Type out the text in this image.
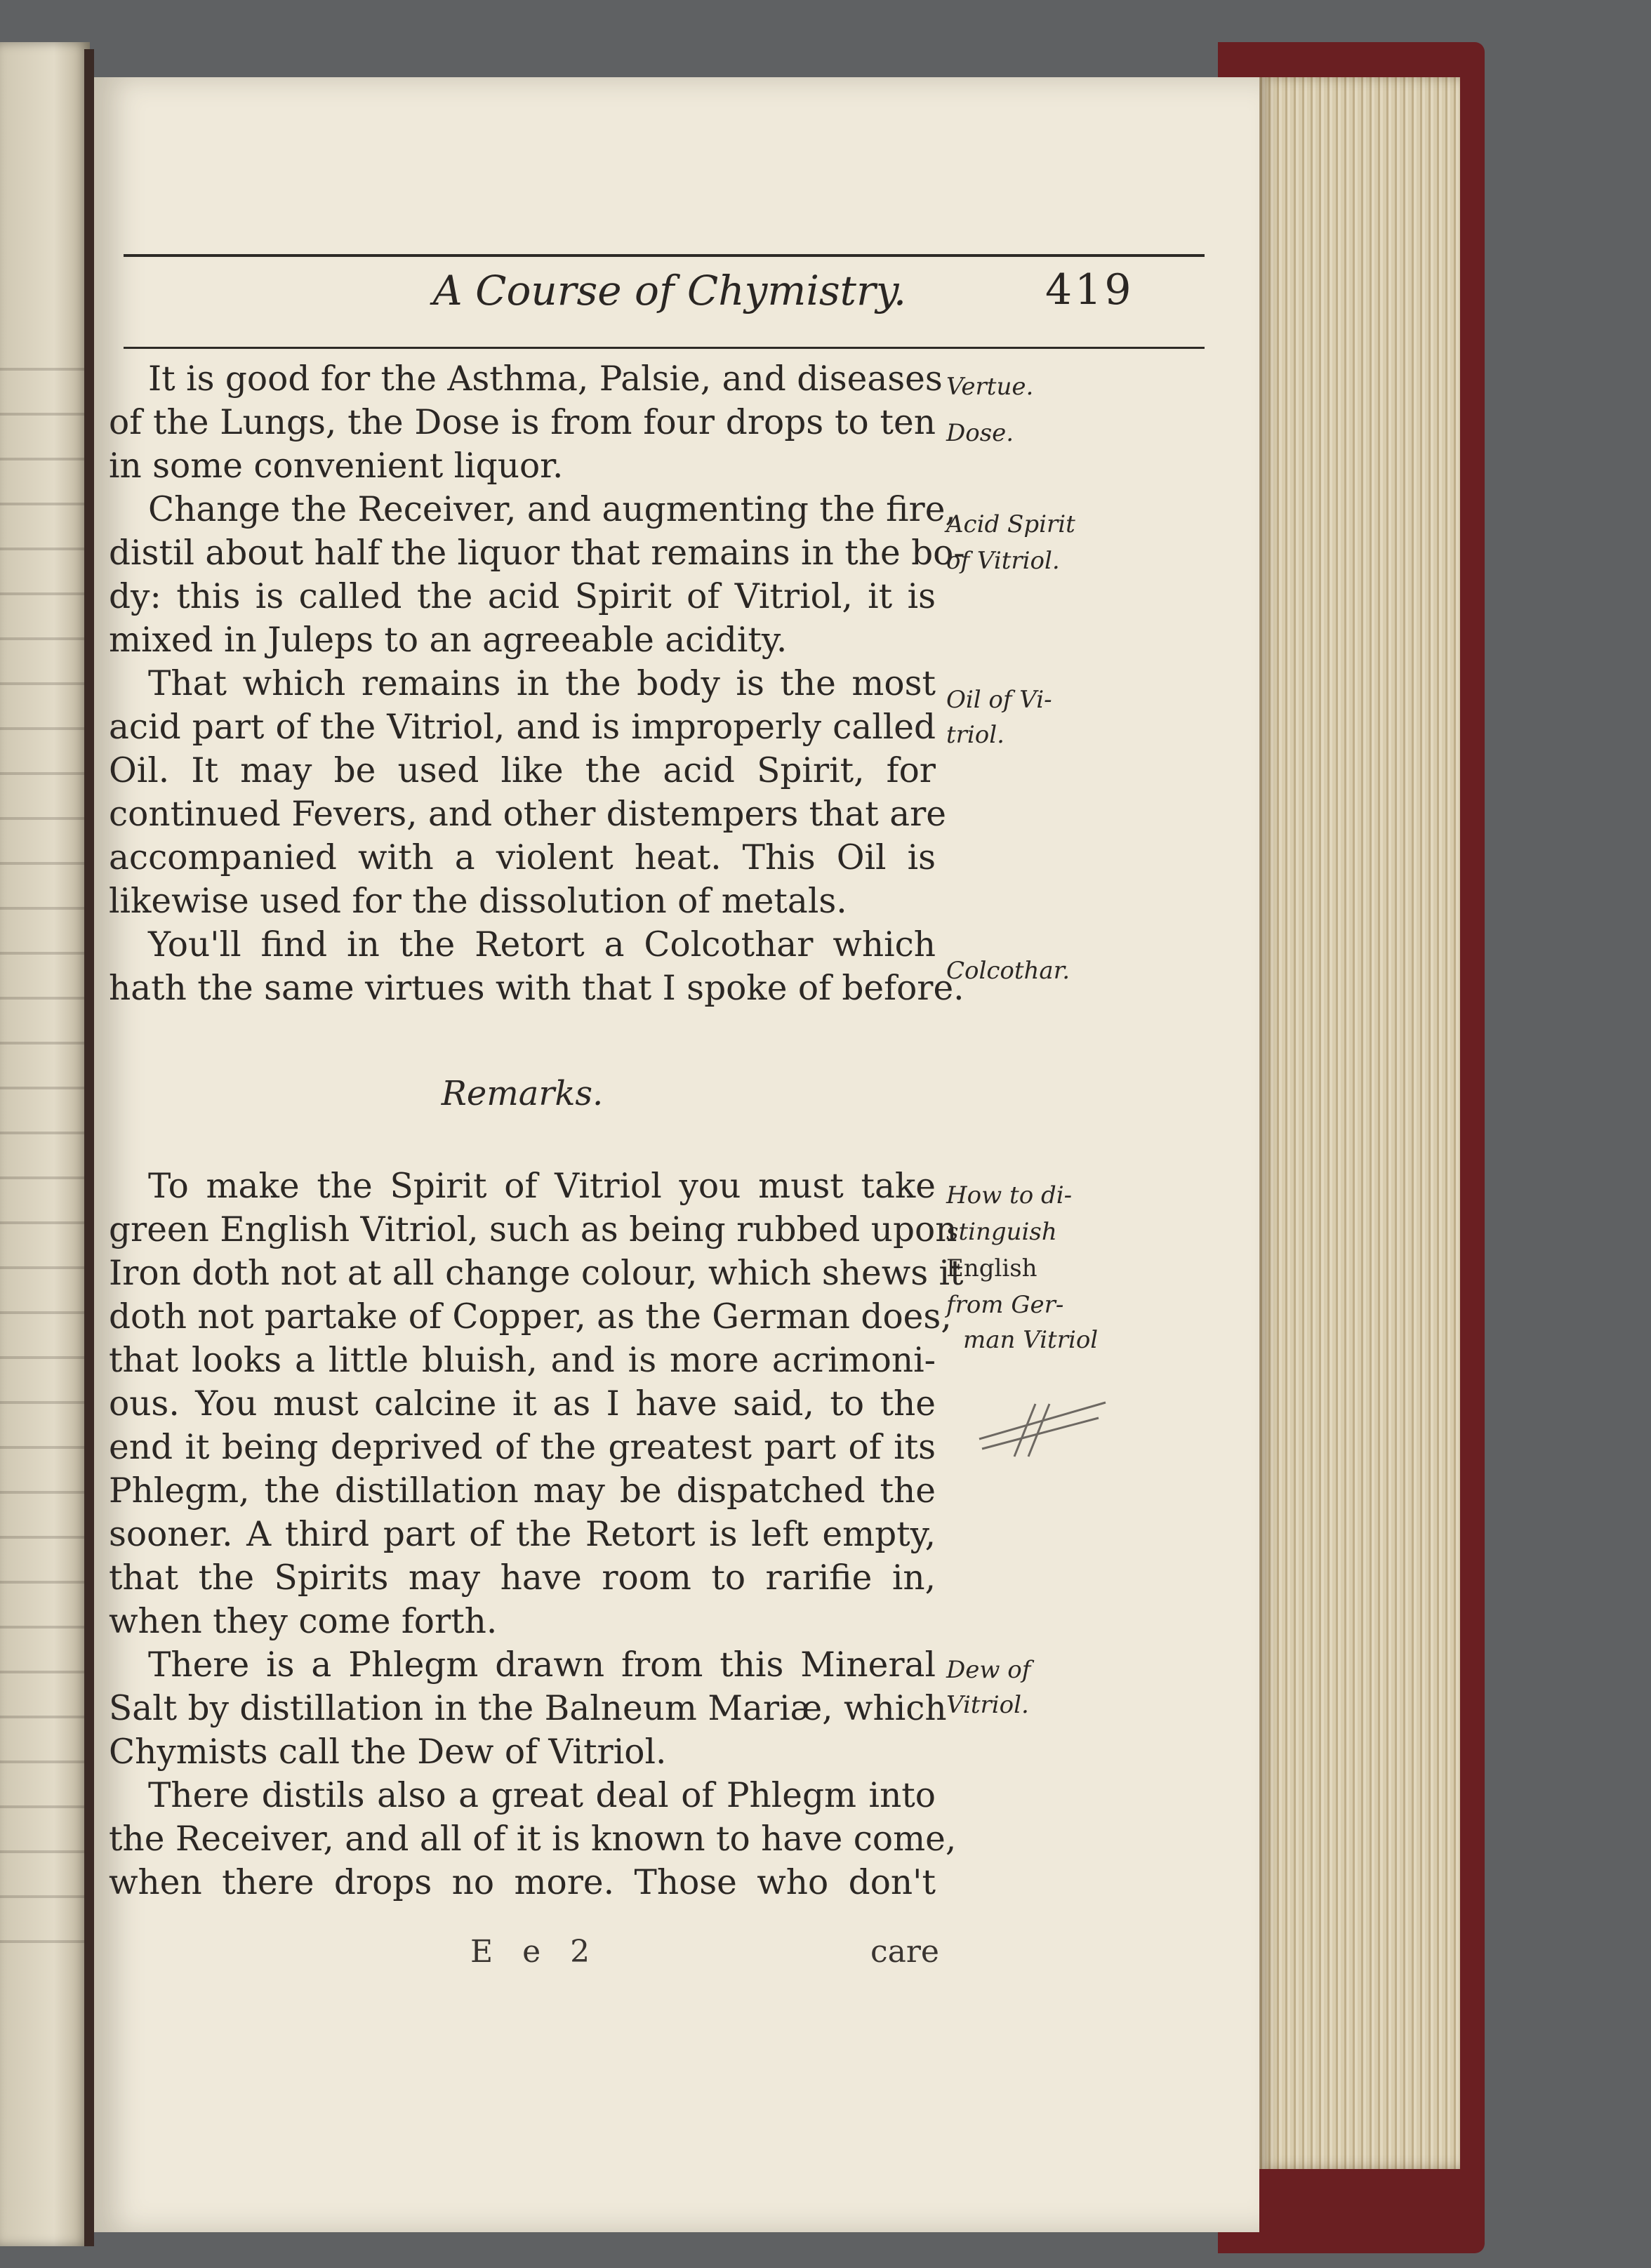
A Course of Chymistry.	419
It is good for the Asthma, Palsie, and diseases
of the Lungs, the Dose is from four drops to ten
in some convenient liquor.
Change the Receiver, and augmenting the fire,
distil about half the liquor that remains in the bo-
dy: this is called the acid Spirit of Vitriol, it is
mixed in Juleps to an agreeable acidity.
That which remains in the body is the most
acid part of the Vitriol, and is improperly called
Oil. It may be used like the acid Spirit, for
continued Fevers, and other distempers that are
accompanied with a violent heat. This Oil is
likewise used for the dissolution of metals.
You'll find in the Retort a Colcothar which
hath the same virtues with that I spoke of before.
Remarks.
To make the Spirit of Vitriol you must take
green English Vitriol, such as being rubbed upon
Iron doth not at all change colour, which shews it
doth not partake of Copper, as the German does,
that looks a little bluish, and is more acrimoni-
ous. You must calcine it as I have said, to the
end it being deprived of the greatest part of its
Phlegm, the distillation may be dispatched the
sooner. A third part of the Retort is left empty,
that the Spirits may have room to rarifie in,
when they come forth.
There is a Phlegm drawn from this Mineral
Salt by distillation in the Balneum Mariæ, which
Chymists call the Dew of Vitriol.
There distils also a great deal of Phlegm into
the Receiver, and all of it is known to have come,
when there drops no more. Those who don't
Vertue.
Dose.
Acid Spirit
of Vitriol.
Oil of Vi-
triol.
Colcothar.
How to di-
stinguish
English
from Ger-
man Vitriol
Dew of
Vitriol.
E e 2	care
